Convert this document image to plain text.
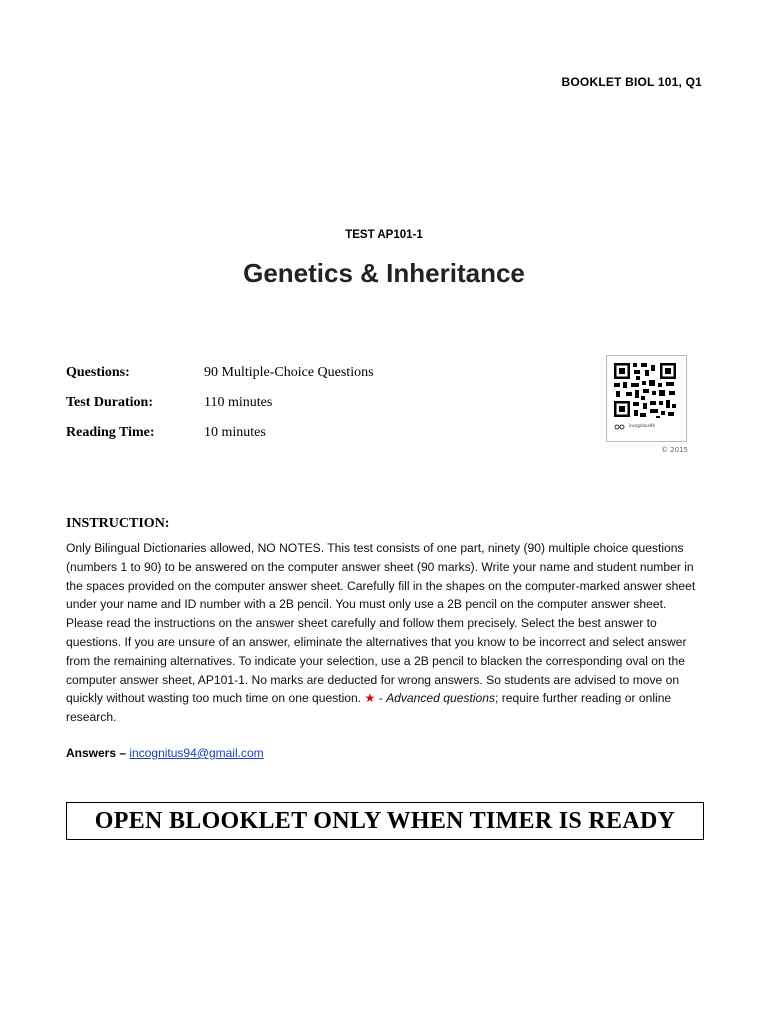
BOOKLET BIOL 101, Q1
TEST AP101-1
Genetics & Inheritance
Questions:	90 Multiple-Choice Questions
Test Duration:	110 minutes
Reading Time:	10 minutes	incognitus94
© 2015
INSTRUCTION:
Only Bilingual Dictionaries allowed, NO NOTES. This test consists of one part, ninety (90) multiple choice questions (numbers 1 to 90) to be answered on the computer answer sheet (90 marks). Write your name and student number in the spaces provided on the computer answer sheet. Carefully fill in the shapes on the computer-marked answer sheet under your name and ID number with a 2B pencil. You must only use a 2B pencil on the computer answer sheet. Please read the instructions on the answer sheet carefully and follow them precisely. Select the best answer to questions. If you are unsure of an answer, eliminate the alternatives that you know to be incorrect and select answer from the remaining alternatives. To indicate your selection, use a 2B pencil to blacken the corresponding oval on the computer answer sheet, AP101-1. No marks are deducted for wrong answers. So students are advised to move on quickly without wasting too much time on one question. ★ - Advanced questions; require further reading or online research.
Answers – incognitus94@gmail.com
OPEN BLOOKLET ONLY WHEN TIMER IS READY
